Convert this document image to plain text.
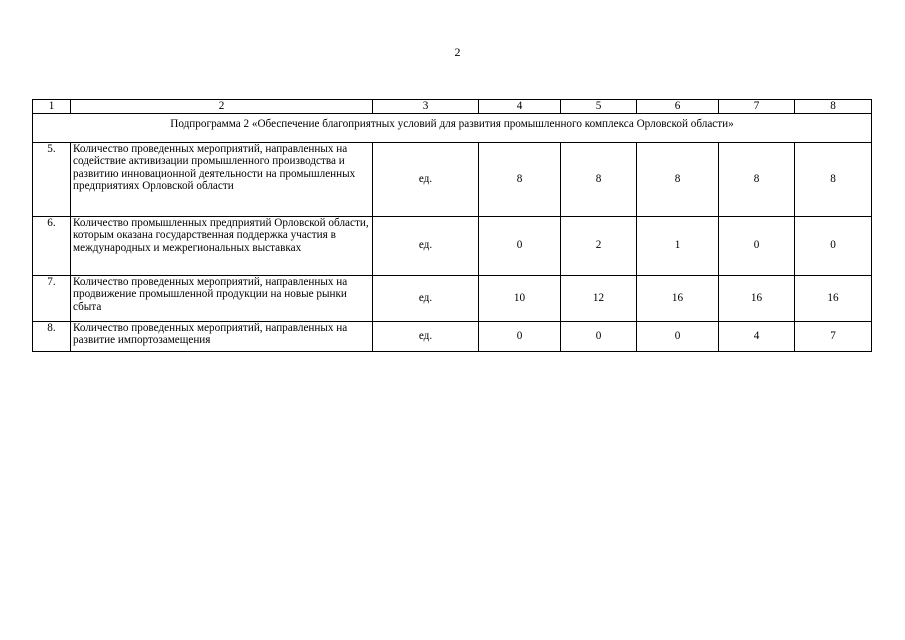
2
1	2	3	4	5	6	7	8
Подпрограмма 2 «Обеспечение благоприятных условий для развития промышленного комплекса Орловской области»							
5.	Количество проведенных мероприятий, направленных на содействие активизации промышленного производства и развитию инновационной деятельности на промышленных предприятиях Орловской области	ед.	8	8	8	8	8
6.	Количество промышленных предприятий Орловской области, которым оказана государственная поддержка участия в международных и межрегиональных выставках	ед.	0	2	1	0	0
7.	Количество проведенных мероприятий, направленных на продвижение промышленной продукции на новые рынки сбыта	ед.	10	12	16	16	16
8.	Количество проведенных мероприятий, направленных на развитие импортозамещения	ед.	0	0	0	4	7
